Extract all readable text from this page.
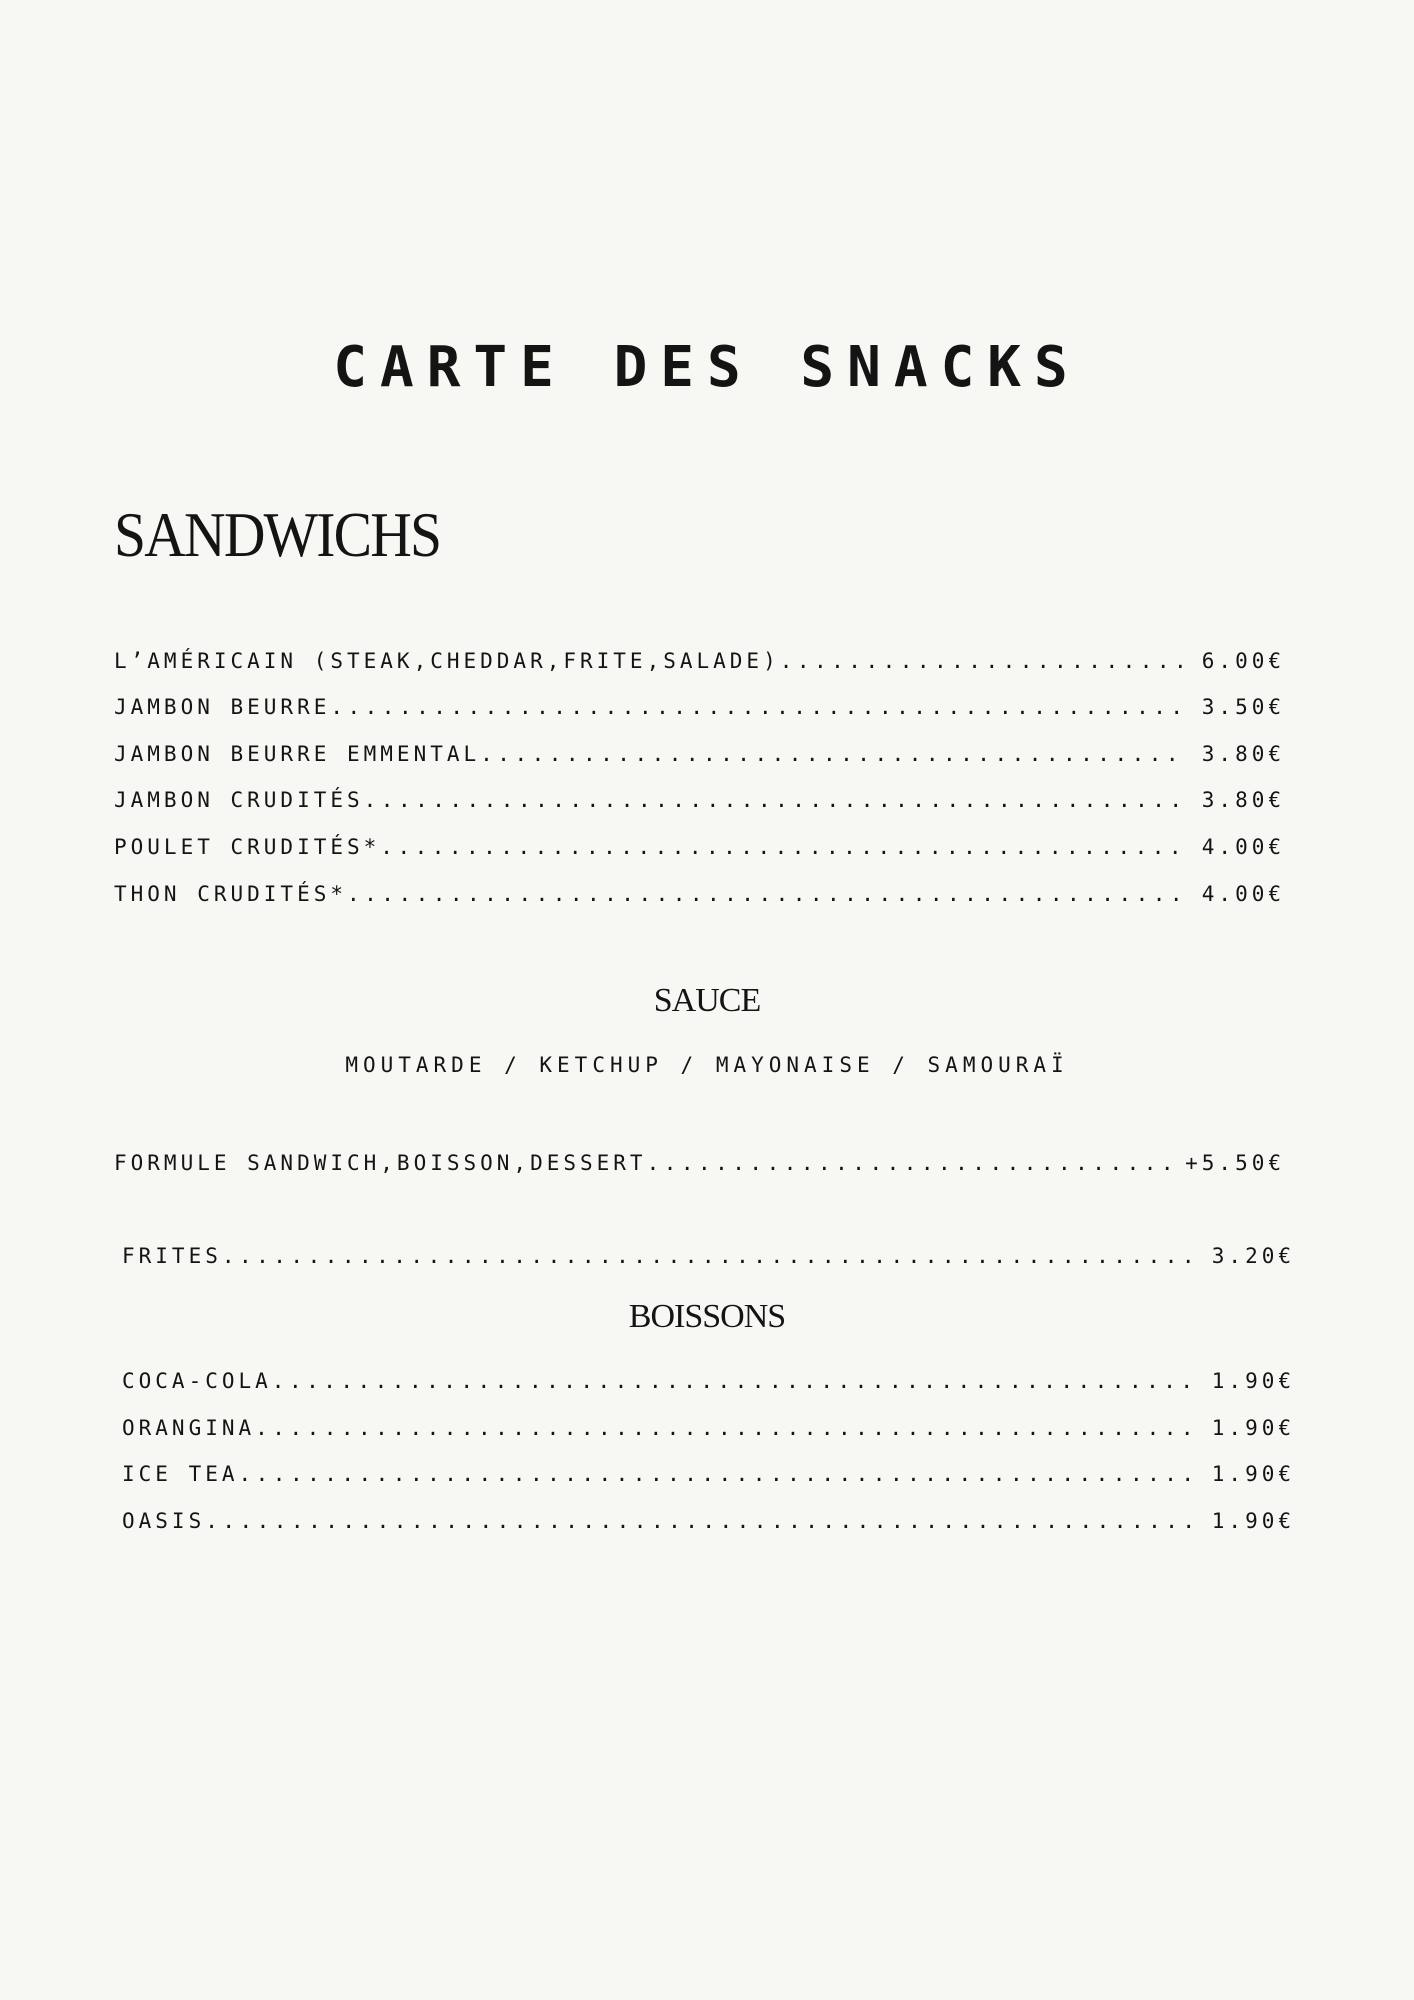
CARTE DES SNACKS
SANDWICHS
L’AMÉRICAIN (STEAK,CHEDDAR,FRITE,SALADE) .....	6.00€
JAMBON BEURRE .....	3.50€
JAMBON BEURRE EMMENTAL .....	3.80€
JAMBON CRUDITÉS .....	3.80€
POULET CRUDITÉS* .....	4.00€
THON CRUDITÉS* .....	4.00€
SAUCE
MOUTARDE / KETCHUP / MAYONAISE / SAMOURAÏ
FORMULE SANDWICH,BOISSON,DESSERT .....	+5.50€
FRITES .....	3.20€
BOISSONS
COCA-COLA .....	1.90€
ORANGINA .....	1.90€
ICE TEA .....	1.90€
OASIS .....	1.90€
